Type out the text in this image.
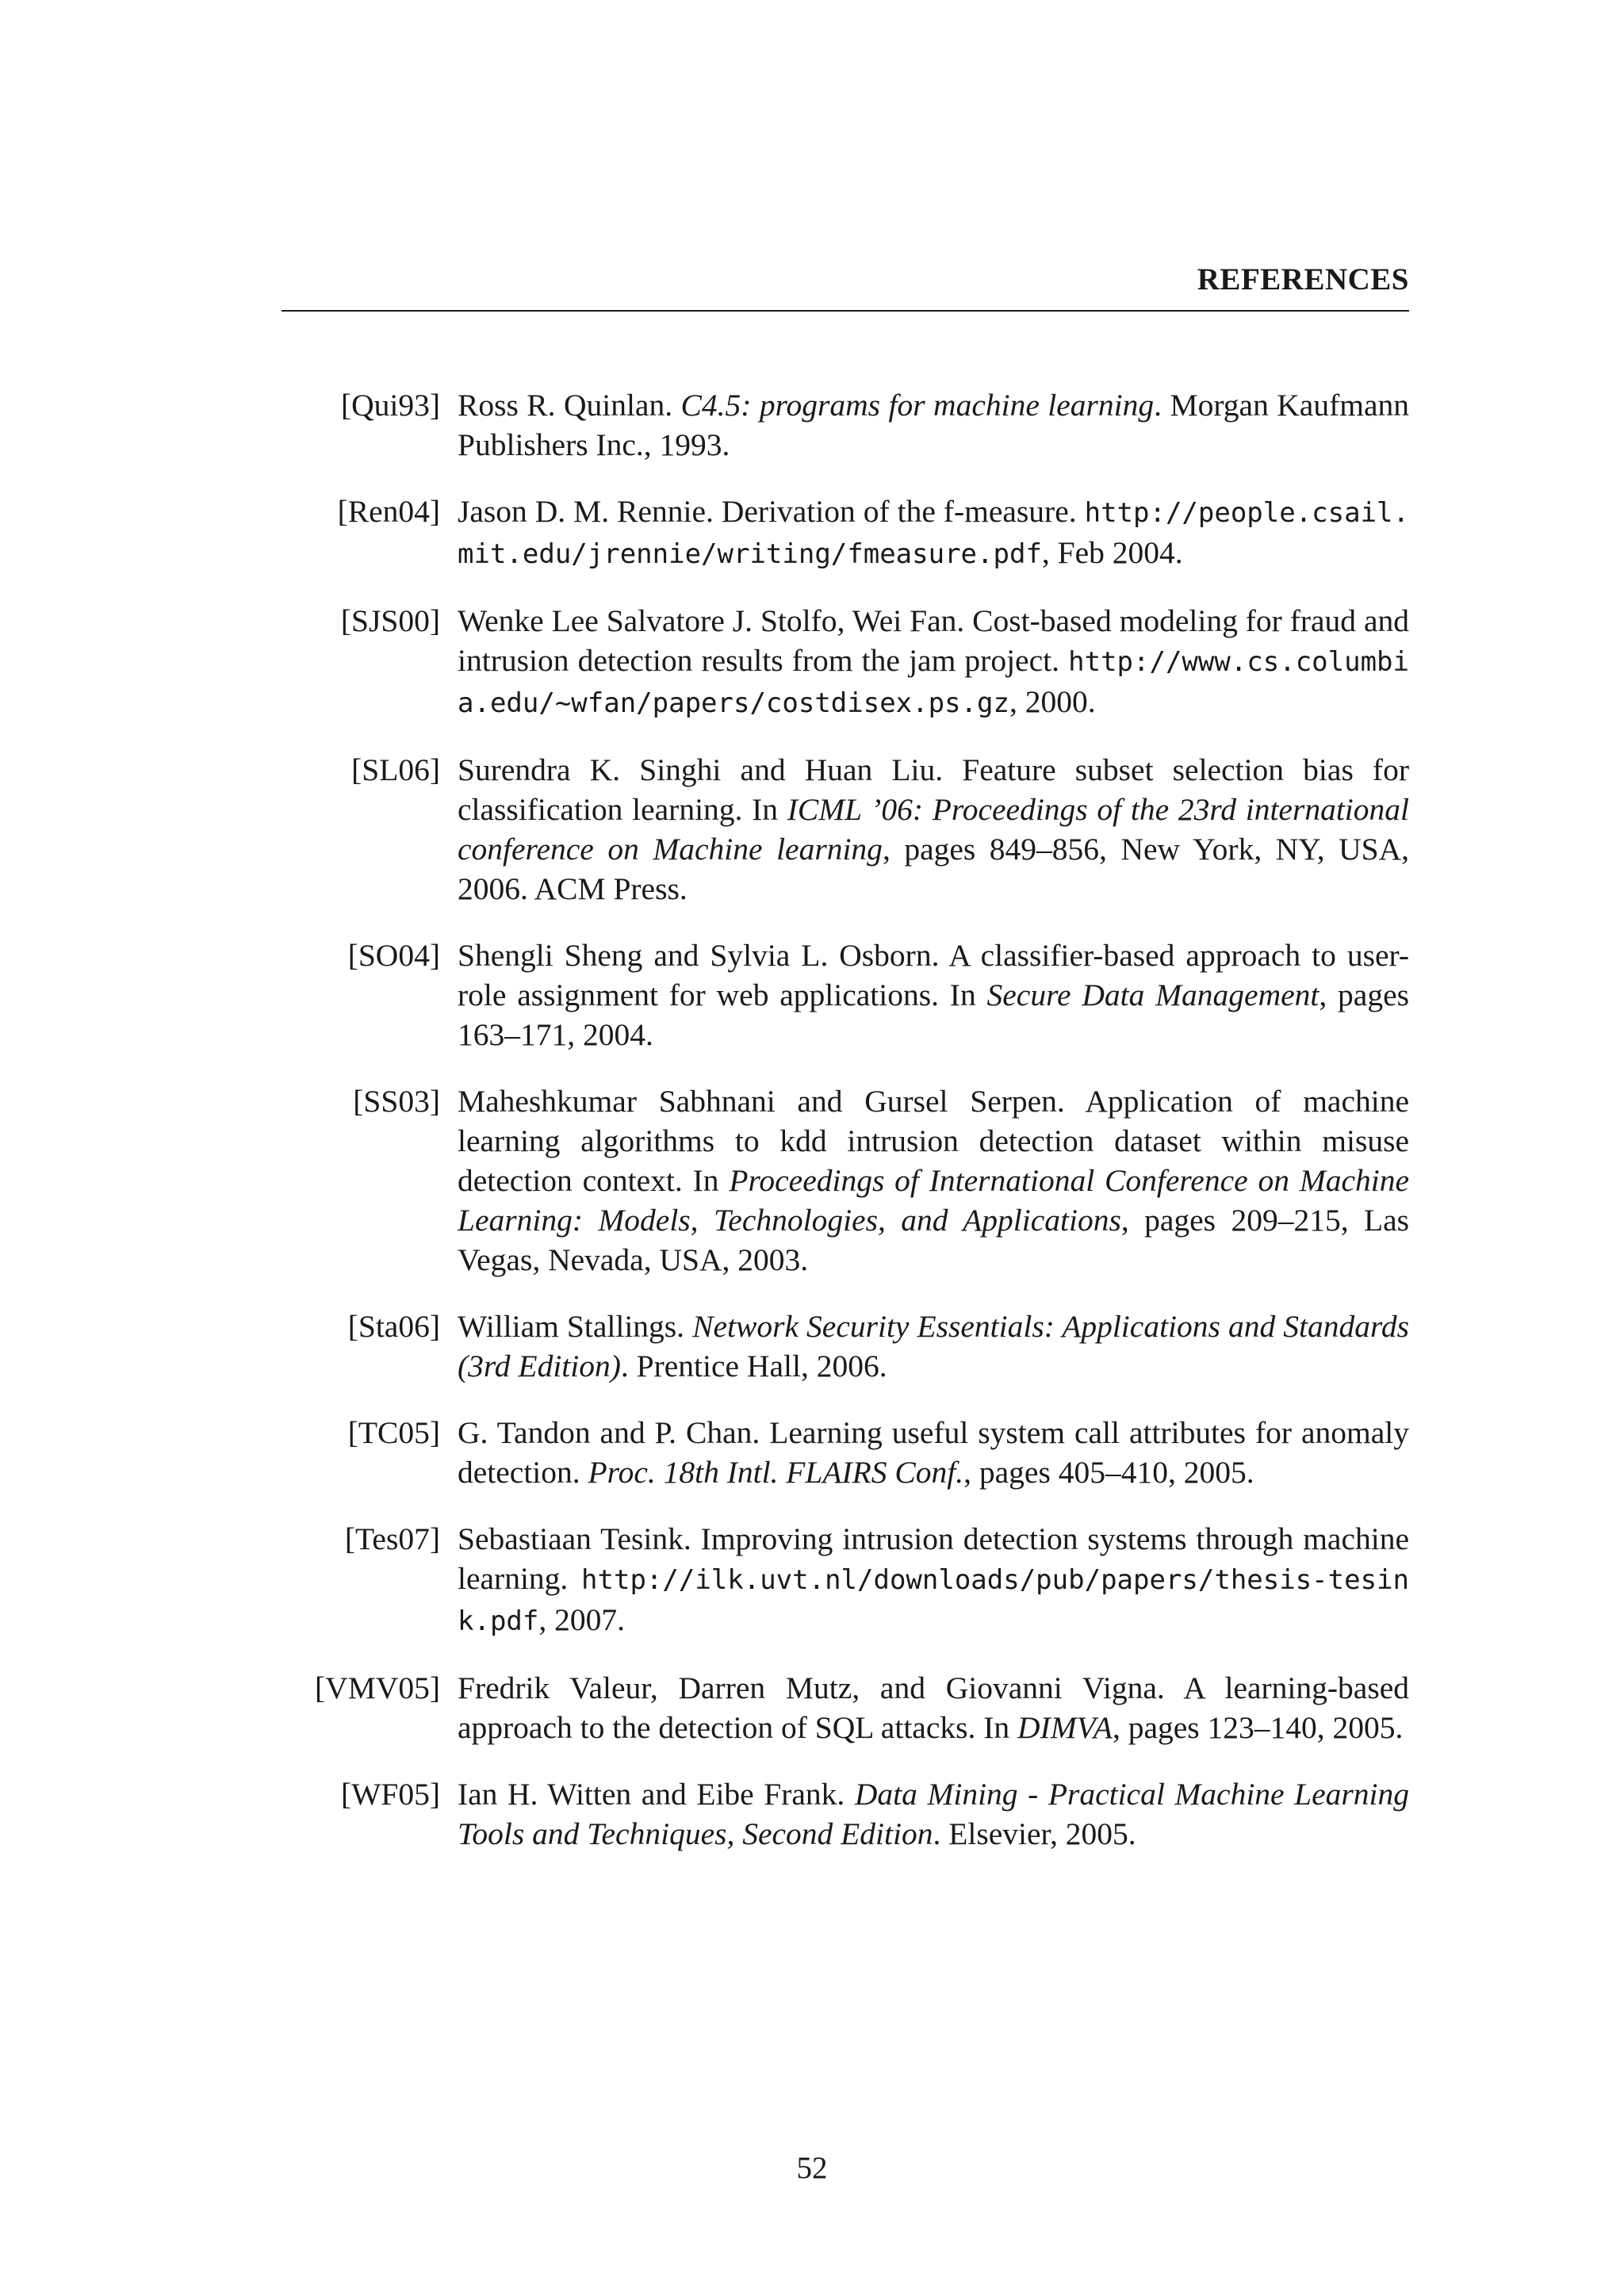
REFERENCES
[Qui93] Ross R. Quinlan. C4.5: programs for machine learning. Morgan Kaufmann Publishers Inc., 1993.
[Ren04] Jason D. M. Rennie. Derivation of the f-measure. http://people.csail.mit.edu/jrennie/writing/fmeasure.pdf, Feb 2004.
[SJS00] Wenke Lee Salvatore J. Stolfo, Wei Fan. Cost-based modeling for fraud and intrusion detection results from the jam project. http://www.cs.columbia.edu/~wfan/papers/costdisex.ps.gz, 2000.
[SL06] Surendra K. Singhi and Huan Liu. Feature subset selection bias for classification learning. In ICML ’06: Proceedings of the 23rd international conference on Machine learning, pages 849–856, New York, NY, USA, 2006. ACM Press.
[SO04] Shengli Sheng and Sylvia L. Osborn. A classifier-based approach to user-role assignment for web applications. In Secure Data Management, pages 163–171, 2004.
[SS03] Maheshkumar Sabhnani and Gursel Serpen. Application of machine learning algorithms to kdd intrusion detection dataset within misuse detection context. In Proceedings of International Conference on Machine Learning: Models, Technologies, and Applications, pages 209–215, Las Vegas, Nevada, USA, 2003.
[Sta06] William Stallings. Network Security Essentials: Applications and Standards (3rd Edition). Prentice Hall, 2006.
[TC05] G. Tandon and P. Chan. Learning useful system call attributes for anomaly detection. Proc. 18th Intl. FLAIRS Conf., pages 405–410, 2005.
[Tes07] Sebastiaan Tesink. Improving intrusion detection systems through machine learning. http://ilk.uvt.nl/downloads/pub/papers/thesis-tesink.pdf, 2007.
[VMV05] Fredrik Valeur, Darren Mutz, and Giovanni Vigna. A learning-based approach to the detection of SQL attacks. In DIMVA, pages 123–140, 2005.
[WF05] Ian H. Witten and Eibe Frank. Data Mining - Practical Machine Learning Tools and Techniques, Second Edition. Elsevier, 2005.
52
